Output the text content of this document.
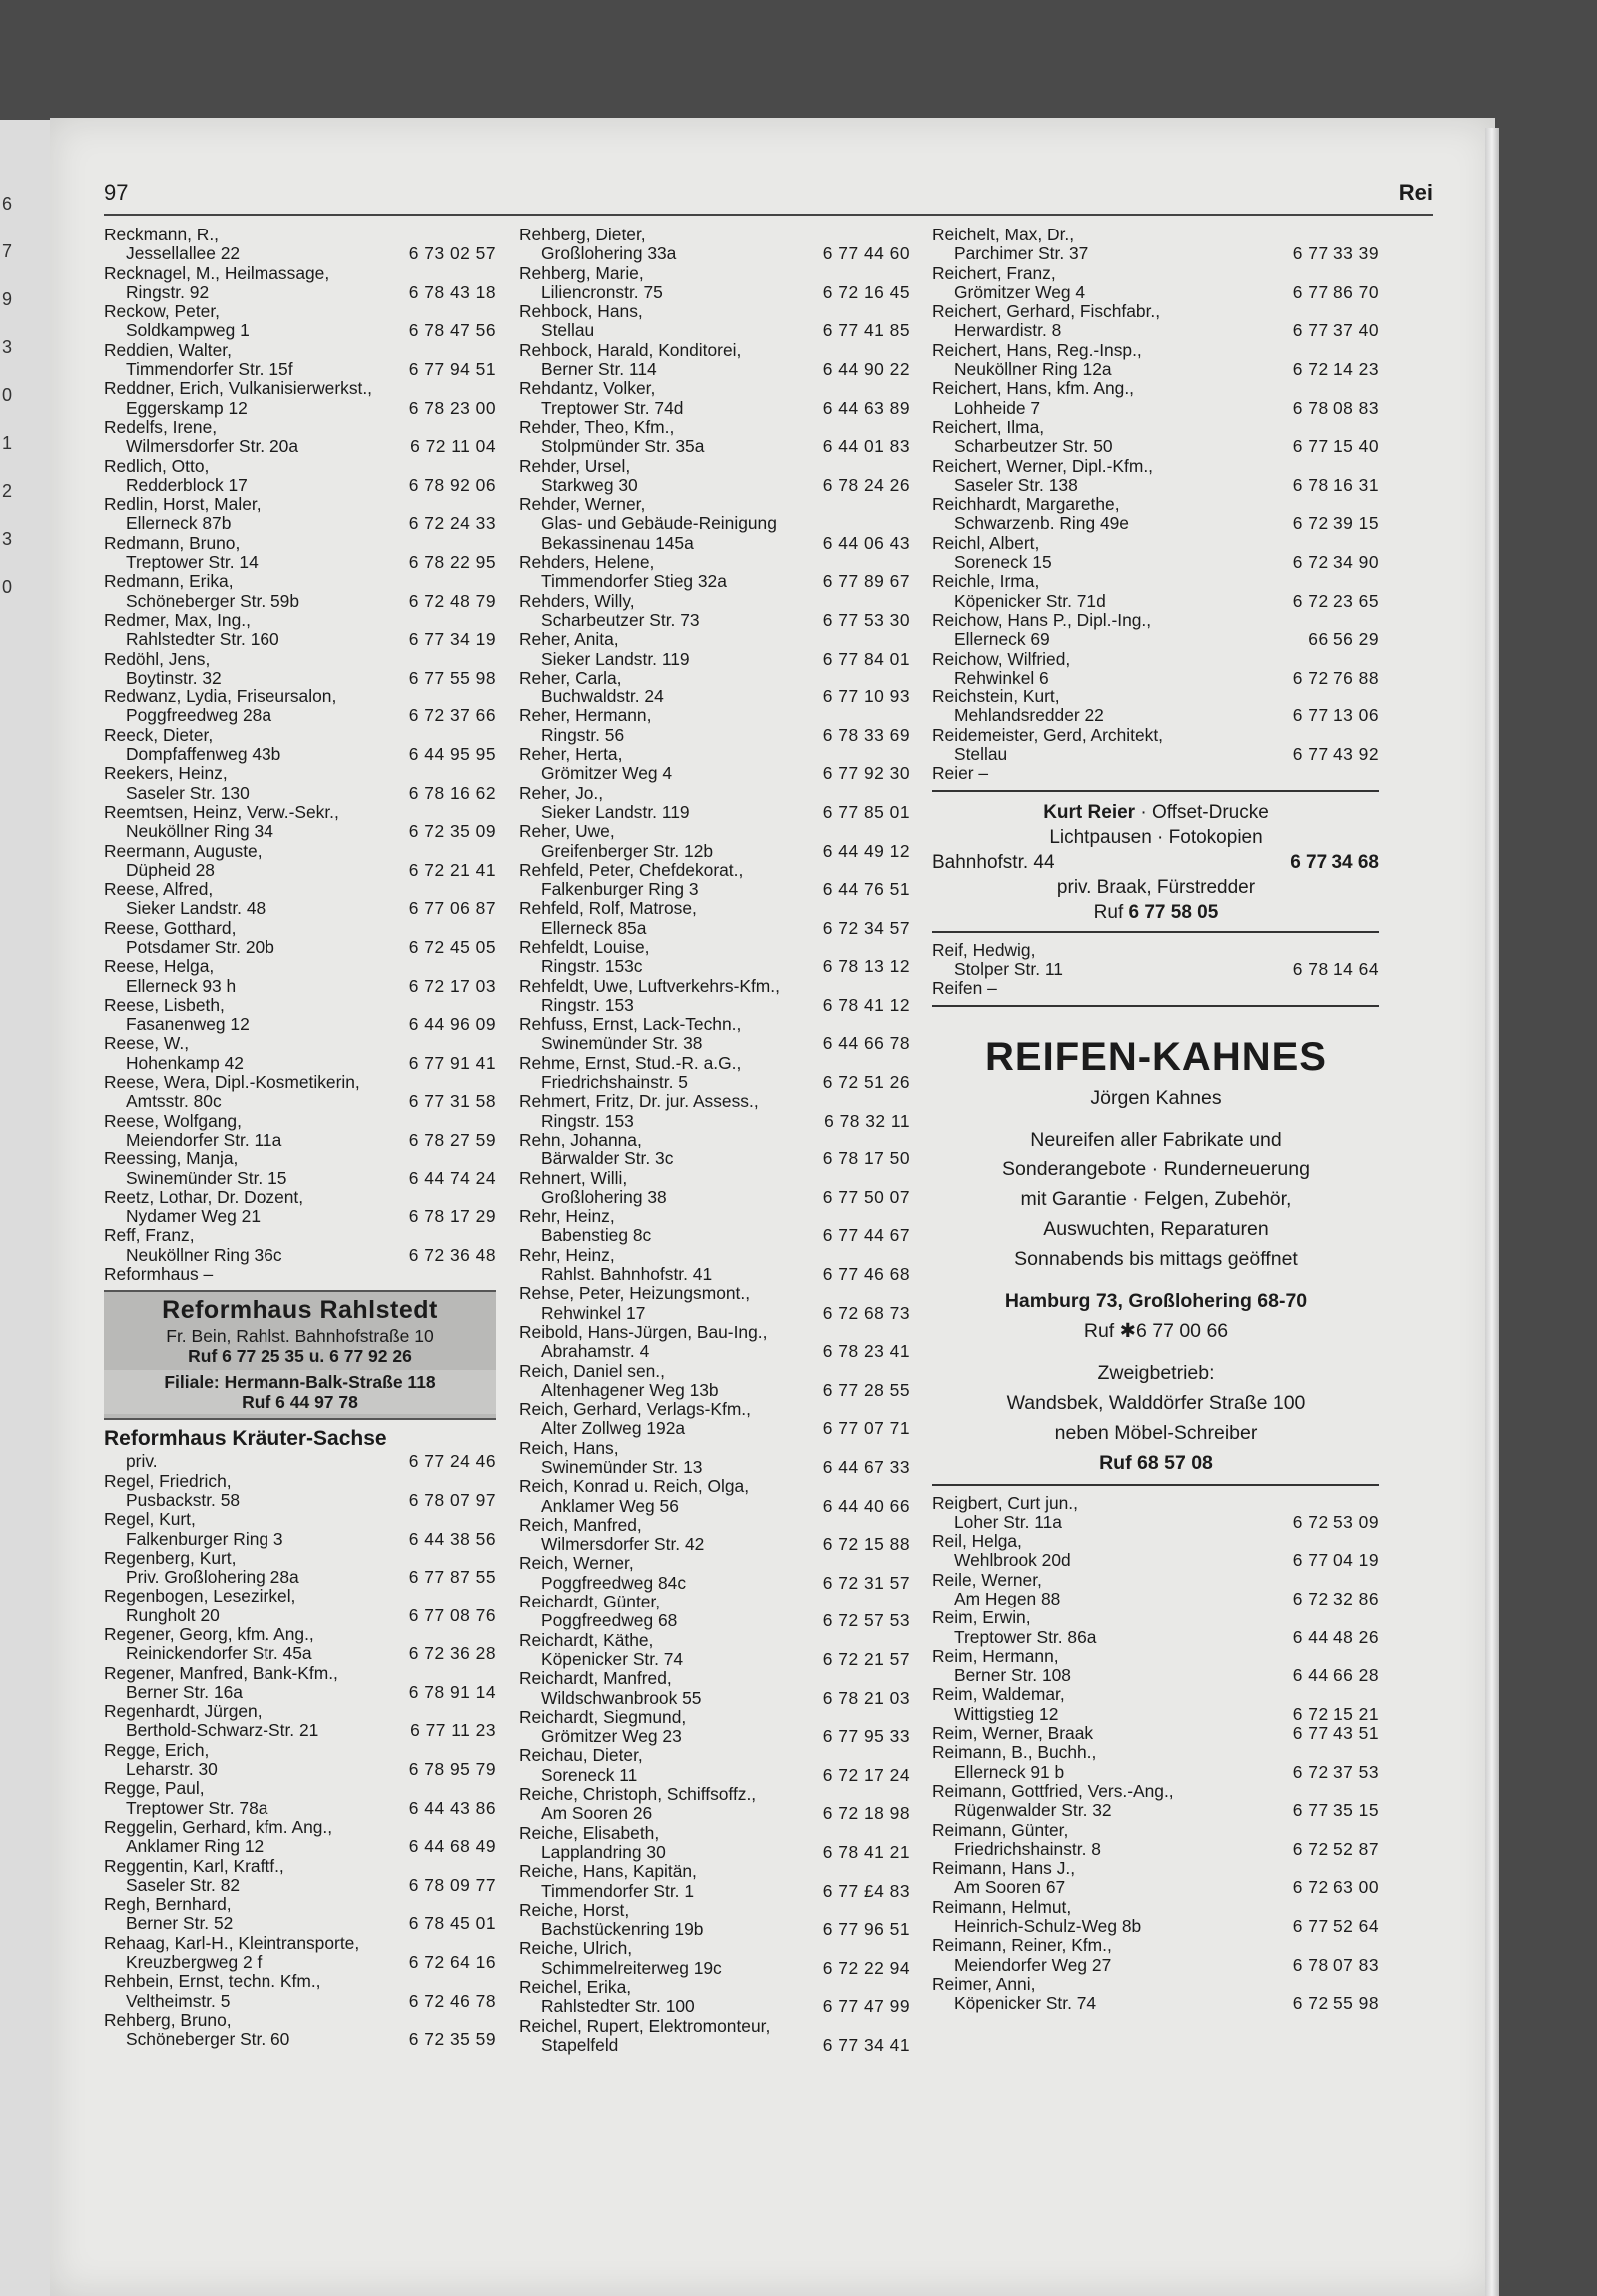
6
7
9
3
0
1
2
3
0
97	Rei
Reckmann, R.,
Jessellallee 22	6 73 02 57
Recknagel, M., Heilmassage,
Ringstr. 92	6 78 43 18
Reckow, Peter,
Soldkampweg 1	6 78 47 56
Reddien, Walter,
Timmendorfer Str. 15f	6 77 94 51
Reddner, Erich, Vulkanisierwerkst.,
Eggerskamp 12	6 78 23 00
Redelfs, Irene,
Wilmersdorfer Str. 20a	6 72 11 04
Redlich, Otto,
Redderblock 17	6 78 92 06
Redlin, Horst, Maler,
Ellerneck 87b	6 72 24 33
Redmann, Bruno,
Treptower Str. 14	6 78 22 95
Redmann, Erika,
Schöneberger Str. 59b	6 72 48 79
Redmer, Max, Ing.,
Rahlstedter Str. 160	6 77 34 19
Redöhl, Jens,
Boytinstr. 32	6 77 55 98
Redwanz, Lydia, Friseursalon,
Poggfreedweg 28a	6 72 37 66
Reeck, Dieter,
Dompfaffenweg 43b	6 44 95 95
Reekers, Heinz,
Saseler Str. 130	6 78 16 62
Reemtsen, Heinz, Verw.-Sekr.,
Neuköllner Ring 34	6 72 35 09
Reermann, Auguste,
Düpheid 28	6 72 21 41
Reese, Alfred,
Sieker Landstr. 48	6 77 06 87
Reese, Gotthard,
Potsdamer Str. 20b	6 72 45 05
Reese, Helga,
Ellerneck 93 h	6 72 17 03
Reese, Lisbeth,
Fasanenweg 12	6 44 96 09
Reese, W.,
Hohenkamp 42	6 77 91 41
Reese, Wera, Dipl.-Kosmetikerin,
Amtsstr. 80c	6 77 31 58
Reese, Wolfgang,
Meiendorfer Str. 11a	6 78 27 59
Reessing, Manja,
Swinemünder Str. 15	6 44 74 24
Reetz, Lothar, Dr. Dozent,
Nydamer Weg 21	6 78 17 29
Reff, Franz,
Neuköllner Ring 36c	6 72 36 48
Reformhaus –
Reformhaus Rahlstedt
Fr. Bein, Rahlst. Bahnhofstraße 10
Ruf 6 77 25 35 u. 6 77 92 26
Filiale: Hermann-Balk-Straße 118
Ruf 6 44 97 78
Reformhaus Kräuter-Sachse
priv.	6 77 24 46
Regel, Friedrich,
Pusbackstr. 58	6 78 07 97
Regel, Kurt,
Falkenburger Ring 3	6 44 38 56
Regenberg, Kurt,
Priv. Großlohering 28a	6 77 87 55
Regenbogen, Lesezirkel,
Rungholt 20	6 77 08 76
Regener, Georg, kfm. Ang.,
Reinickendorfer Str. 45a	6 72 36 28
Regener, Manfred, Bank-Kfm.,
Berner Str. 16a	6 78 91 14
Regenhardt, Jürgen,
Berthold-Schwarz-Str. 21	6 77 11 23
Regge, Erich,
Leharstr. 30	6 78 95 79
Regge, Paul,
Treptower Str. 78a	6 44 43 86
Reggelin, Gerhard, kfm. Ang.,
Anklamer Ring 12	6 44 68 49
Reggentin, Karl, Kraftf.,
Saseler Str. 82	6 78 09 77
Regh, Bernhard,
Berner Str. 52	6 78 45 01
Rehaag, Karl-H., Kleintransporte,
Kreuzbergweg 2 f	6 72 64 16
Rehbein, Ernst, techn. Kfm.,
Veltheimstr. 5	6 72 46 78
Rehberg, Bruno,
Schöneberger Str. 60	6 72 35 59
Rehberg, Dieter,
Großlohering 33a	6 77 44 60
Rehberg, Marie,
Liliencronstr. 75	6 72 16 45
Rehbock, Hans,
Stellau	6 77 41 85
Rehbock, Harald, Konditorei,
Berner Str. 114	6 44 90 22
Rehdantz, Volker,
Treptower Str. 74d	6 44 63 89
Rehder, Theo, Kfm.,
Stolpmünder Str. 35a	6 44 01 83
Rehder, Ursel,
Starkweg 30	6 78 24 26
Rehder, Werner,
Glas- und Gebäude-Reinigung
Bekassinenau 145a	6 44 06 43
Rehders, Helene,
Timmendorfer Stieg 32a	6 77 89 67
Rehders, Willy,
Scharbeutzer Str. 73	6 77 53 30
Reher, Anita,
Sieker Landstr. 119	6 77 84 01
Reher, Carla,
Buchwaldstr. 24	6 77 10 93
Reher, Hermann,
Ringstr. 56	6 78 33 69
Reher, Herta,
Grömitzer Weg 4	6 77 92 30
Reher, Jo.,
Sieker Landstr. 119	6 77 85 01
Reher, Uwe,
Greifenberger Str. 12b	6 44 49 12
Rehfeld, Peter, Chefdekorat.,
Falkenburger Ring 3	6 44 76 51
Rehfeld, Rolf, Matrose,
Ellerneck 85a	6 72 34 57
Rehfeldt, Louise,
Ringstr. 153c	6 78 13 12
Rehfeldt, Uwe, Luftverkehrs-Kfm.,
Ringstr. 153	6 78 41 12
Rehfuss, Ernst, Lack-Techn.,
Swinemünder Str. 38	6 44 66 78
Rehme, Ernst, Stud.-R. a.G.,
Friedrichshainstr. 5	6 72 51 26
Rehmert, Fritz, Dr. jur. Assess.,
Ringstr. 153	6 78 32 11
Rehn, Johanna,
Bärwalder Str. 3c	6 78 17 50
Rehnert, Willi,
Großlohering 38	6 77 50 07
Rehr, Heinz,
Babenstieg 8c	6 77 44 67
Rehr, Heinz,
Rahlst. Bahnhofstr. 41	6 77 46 68
Rehse, Peter, Heizungsmont.,
Rehwinkel 17	6 72 68 73
Reibold, Hans-Jürgen, Bau-Ing.,
Abrahamstr. 4	6 78 23 41
Reich, Daniel sen.,
Altenhagener Weg 13b	6 77 28 55
Reich, Gerhard, Verlags-Kfm.,
Alter Zollweg 192a	6 77 07 71
Reich, Hans,
Swinemünder Str. 13	6 44 67 33
Reich, Konrad u. Reich, Olga,
Anklamer Weg 56	6 44 40 66
Reich, Manfred,
Wilmersdorfer Str. 42	6 72 15 88
Reich, Werner,
Poggfreedweg 84c	6 72 31 57
Reichardt, Günter,
Poggfreedweg 68	6 72 57 53
Reichardt, Käthe,
Köpenicker Str. 74	6 72 21 57
Reichardt, Manfred,
Wildschwanbrook 55	6 78 21 03
Reichardt, Siegmund,
Grömitzer Weg 23	6 77 95 33
Reichau, Dieter,
Soreneck 11	6 72 17 24
Reiche, Christoph, Schiffsoffz.,
Am Sooren 26	6 72 18 98
Reiche, Elisabeth,
Lapplandring 30	6 78 41 21
Reiche, Hans, Kapitän,
Timmendorfer Str. 1	6 77 £4 83
Reiche, Horst,
Bachstückenring 19b	6 77 96 51
Reiche, Ulrich,
Schimmelreiterweg 19c	6 72 22 94
Reichel, Erika,
Rahlstedter Str. 100	6 77 47 99
Reichel, Rupert, Elektromonteur,
Stapelfeld	6 77 34 41
Reichelt, Max, Dr.,
Parchimer Str. 37	6 77 33 39
Reichert, Franz,
Grömitzer Weg 4	6 77 86 70
Reichert, Gerhard, Fischfabr.,
Herwardistr. 8	6 77 37 40
Reichert, Hans, Reg.-Insp.,
Neuköllner Ring 12a	6 72 14 23
Reichert, Hans, kfm. Ang.,
Lohheide 7	6 78 08 83
Reichert, Ilma,
Scharbeutzer Str. 50	6 77 15 40
Reichert, Werner, Dipl.-Kfm.,
Saseler Str. 138	6 78 16 31
Reichhardt, Margarethe,
Schwarzenb. Ring 49e	6 72 39 15
Reichl, Albert,
Soreneck 15	6 72 34 90
Reichle, Irma,
Köpenicker Str. 71d	6 72 23 65
Reichow, Hans P., Dipl.-Ing.,
Ellerneck 69	66 56 29
Reichow, Wilfried,
Rehwinkel 6	6 72 76 88
Reichstein, Kurt,
Mehlandsredder 22	6 77 13 06
Reidemeister, Gerd, Architekt,
Stellau	6 77 43 92
Reier –
Kurt Reier · Offset-Drucke
Lichtpausen · Fotokopien
Bahnhofstr. 44	6 77 34 68
priv. Braak, Fürstredder
Ruf 6 77 58 05
Reif, Hedwig,
Stolper Str. 11	6 78 14 64
Reifen –
REIFEN-KAHNES
Jörgen Kahnes
Neureifen aller Fabrikate und
Sonderangebote · Runderneuerung
mit Garantie · Felgen, Zubehör,
Auswuchten, Reparaturen
Sonnabends bis mittags geöffnet
Hamburg 73, Großlohering 68-70
Ruf ✱6 77 00 66
Zweigbetrieb:
Wandsbek, Walddörfer Straße 100
neben Möbel-Schreiber
Ruf 68 57 08
Reigbert, Curt jun.,
Loher Str. 11a	6 72 53 09
Reil, Helga,
Wehlbrook 20d	6 77 04 19
Reile, Werner,
Am Hegen 88	6 72 32 86
Reim, Erwin,
Treptower Str. 86a	6 44 48 26
Reim, Hermann,
Berner Str. 108	6 44 66 28
Reim, Waldemar,
Wittigstieg 12	6 72 15 21
Reim, Werner, Braak	6 77 43 51
Reimann, B., Buchh.,
Ellerneck 91 b	6 72 37 53
Reimann, Gottfried, Vers.-Ang.,
Rügenwalder Str. 32	6 77 35 15
Reimann, Günter,
Friedrichshainstr. 8	6 72 52 87
Reimann, Hans J.,
Am Sooren 67	6 72 63 00
Reimann, Helmut,
Heinrich-Schulz-Weg 8b	6 77 52 64
Reimann, Reiner, Kfm.,
Meiendorfer Weg 27	6 78 07 83
Reimer, Anni,
Köpenicker Str. 74	6 72 55 98
